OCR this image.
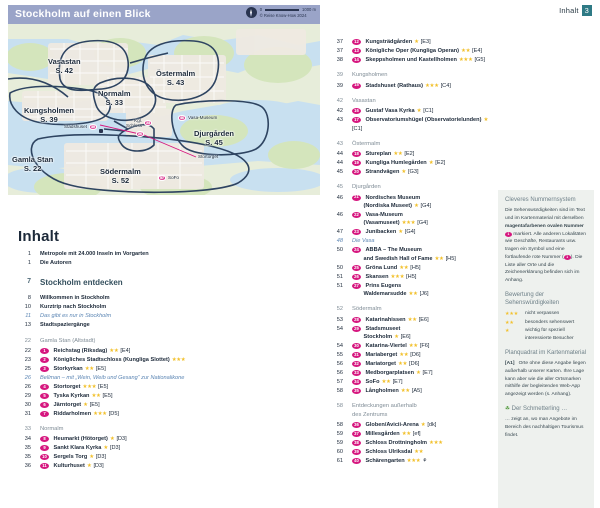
Inhalt 3
Vasastan
S. 42	Östermalm
S. 43
Normalm
S. 33
Kungsholmen
S. 39
Djurgården
S. 45
Gamla Stan
S. 22	Södermalm
S. 52
39
Stadshuset
23
Kgl.
Schloss
26
46 Vasa-Museum
57 SoFo
Stortorget
Stockholm auf einen Blick	0	1000 m
© Reise Know-How 2024
Inhalt
1	Metropole mit 24.000 Inseln im Vorgarten
1	Die Autoren
7	Stockholm entdecken
8	Willkommen in Stockholm
10	Kurztrip nach Stockholm
11	Das gibt es nur in Stockholm
13	Stadtspaziergänge
22	Gamla Stan (Altstadt)
22	1	Reichstag (Riksdag) ★★ [E4]
23	2	Königliches Stadtschloss (Kungliga Slottet) ★★★
25	3	Storkyrkan ★★ [E5]
26	Bellman – mit „Wein, Weib und Gesang“ zur Nationalikone
26	4	Stortorget ★★★ [E5]
29	5	Tyska Kyrkan ★★ [E5]
30	6	Järntorget ★ [E5]
31	7	Riddarholmen ★★★ [D5]
33	Normalm
34	8	Heumarkt (Hötorget) ★ [D3]
35	9	Sankt Klara Kyrka ★ [D3]
35	10	Sergels Torg ★ [D3]
36	11	Kulturhuset ★ [D3]
37	12	Kungsträdgården ★ [E3]
37	13	Königliche Oper (Kungliga Operan) ★★ [E4]
38	14	Skeppsholmen und Kastellholmen ★★★ [G5]
39	Kungsholmen
39	15	Stadshuset (Rathaus) ★★★ [C4]
42	Vasastan
42	16	Gustaf Vasa Kyrka ★ [C1]
43	17	Observatoriumshügel (Observatorielunden) ★
[C1]
43	Östermalm
44	18	Stureplan ★★ [E2]
44	19	Kungliga Humlegården ★ [E2]
45	20	Strandvägen ★ [G3]
45	Djurgården
46	21	Nordisches Museum
(Nordiska Museet) ★ [G4]
46	22	Vasa-Museum
(Vasamuseet) ★★★ [G4]
47	23	Junibacken ★ [G4]
48	Die Vasa
50	24	ABBA – The Museum
and Swedish Hall of Fame ★★ [H5]
50	25	Gröna Lund ★★ [H5]
51	26	Skansen ★★★ [H5]
51	27	Prins Eugens
Waldemarsudde ★★ [J6]
52	Södermalm
53	28	Katarinahissen ★★ [E6]
54	29	Stadsmuseet
Stockholm ★ [E6]
54	30	Katarina-Viertel ★★ [F6]
55	31	Mariaberget ★★ [D6]
56	32	Mariatorget ★★ [D6]
56	33	Medborgarplatsen ★ [E7]
57	34	SoFo ★★ [E7]
58	35	Långholmen ★★ [A5]
58	Entdeckungen außerhalb
des Zentrums
58	36	Globen/Avicii-Arena ★ [dk]
59	37	Millesgården ★★ [ef]
59	38	Schloss Drottningholm ★★★
60	39	Schloss Ulriksdal ★★
61	40	Schärengarten ★★★ ⚘
Cleveres Nummernsystem
Die Sehenswürdigkeiten sind im Text und im Kartenmaterial mit derselben magentafarbenen ovalen Nummer 1 markiert. Alle anderen Lokalitäten wie Geschäfte, Restaurants usw. tragen ein Symbol und eine fortlaufende rote Nummer ( 1 ). Die Liste aller Orte und die Zeichenerklärung befinden sich im Anhang.
Bewertung der
Sehenswürdigkeiten
★★★	nicht verpassen
★★	besonders sehenswert
★	wichtig für speziell interessierte Besucher
Planquadrat im Kartenmaterial
[A1] Orte ohne diese Angabe liegen außerhalb unserer Karten. Ihre Lage kann aber wie die aller Ortsmarken mithilfe der begleitenden Web-App angezeigt werden (s. Anhang).
☘ Der Schmetterling …
… zeigt an, wo man Angebote im Bereich des nachhaltigen Tourismus findet.
